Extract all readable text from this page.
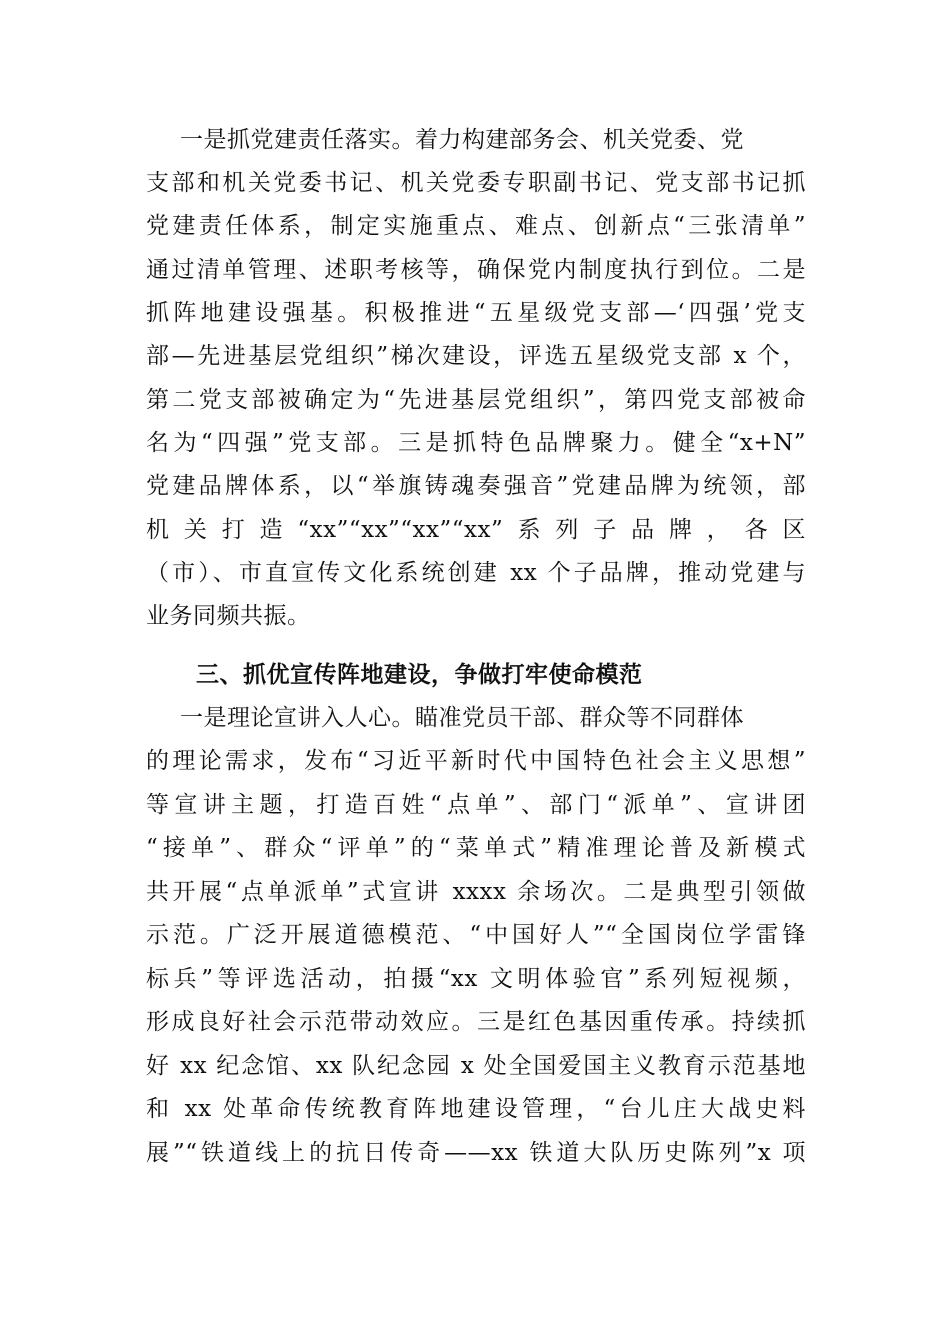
一是抓党建责任落实。着力构建部务会、机关党委、党
支部和机关党委书记、机关党委专职副书记、党支部书记抓
党建责任体系，制定实施重点、难点、创新点“三张清单”
通过清单管理、述职考核等，确保党内制度执行到位。二是
抓阵地建设强基。积极推进“五星级党支部—‘四强’党支
部—先进基层党组织”梯次建设，评选五星级党支部 x 个，
第二党支部被确定为“先进基层党组织”，第四党支部被命
名为“四强”党支部。三是抓特色品牌聚力。健全“x+N”
党建品牌体系，以“举旗铸魂奏强音”党建品牌为统领，部
机关打造“xx”“xx”“xx”“xx”系列子品牌，各区
（市）、市直宣传文化系统创建 xx 个子品牌，推动党建与
业务同频共振。
三、抓优宣传阵地建设，争做打牢使命模范
一是理论宣讲入人心。瞄准党员干部、群众等不同群体
的理论需求，发布“习近平新时代中国特色社会主义思想”
等宣讲主题，打造百姓“点单”、部门“派单”、宣讲团
“接单”、群众“评单”的“菜单式”精准理论普及新模式
共开展“点单派单”式宣讲 xxxx 余场次。二是典型引领做
示范。广泛开展道德模范、“中国好人”“全国岗位学雷锋
标兵”等评选活动，拍摄“xx 文明体验官”系列短视频，
形成良好社会示范带动效应。三是红色基因重传承。持续抓
好 xx 纪念馆、xx 队纪念园 x 处全国爱国主义教育示范基地
和 xx 处革命传统教育阵地建设管理，“台儿庄大战史料
展”“铁道线上的抗日传奇——xx 铁道大队历史陈列”x 项
